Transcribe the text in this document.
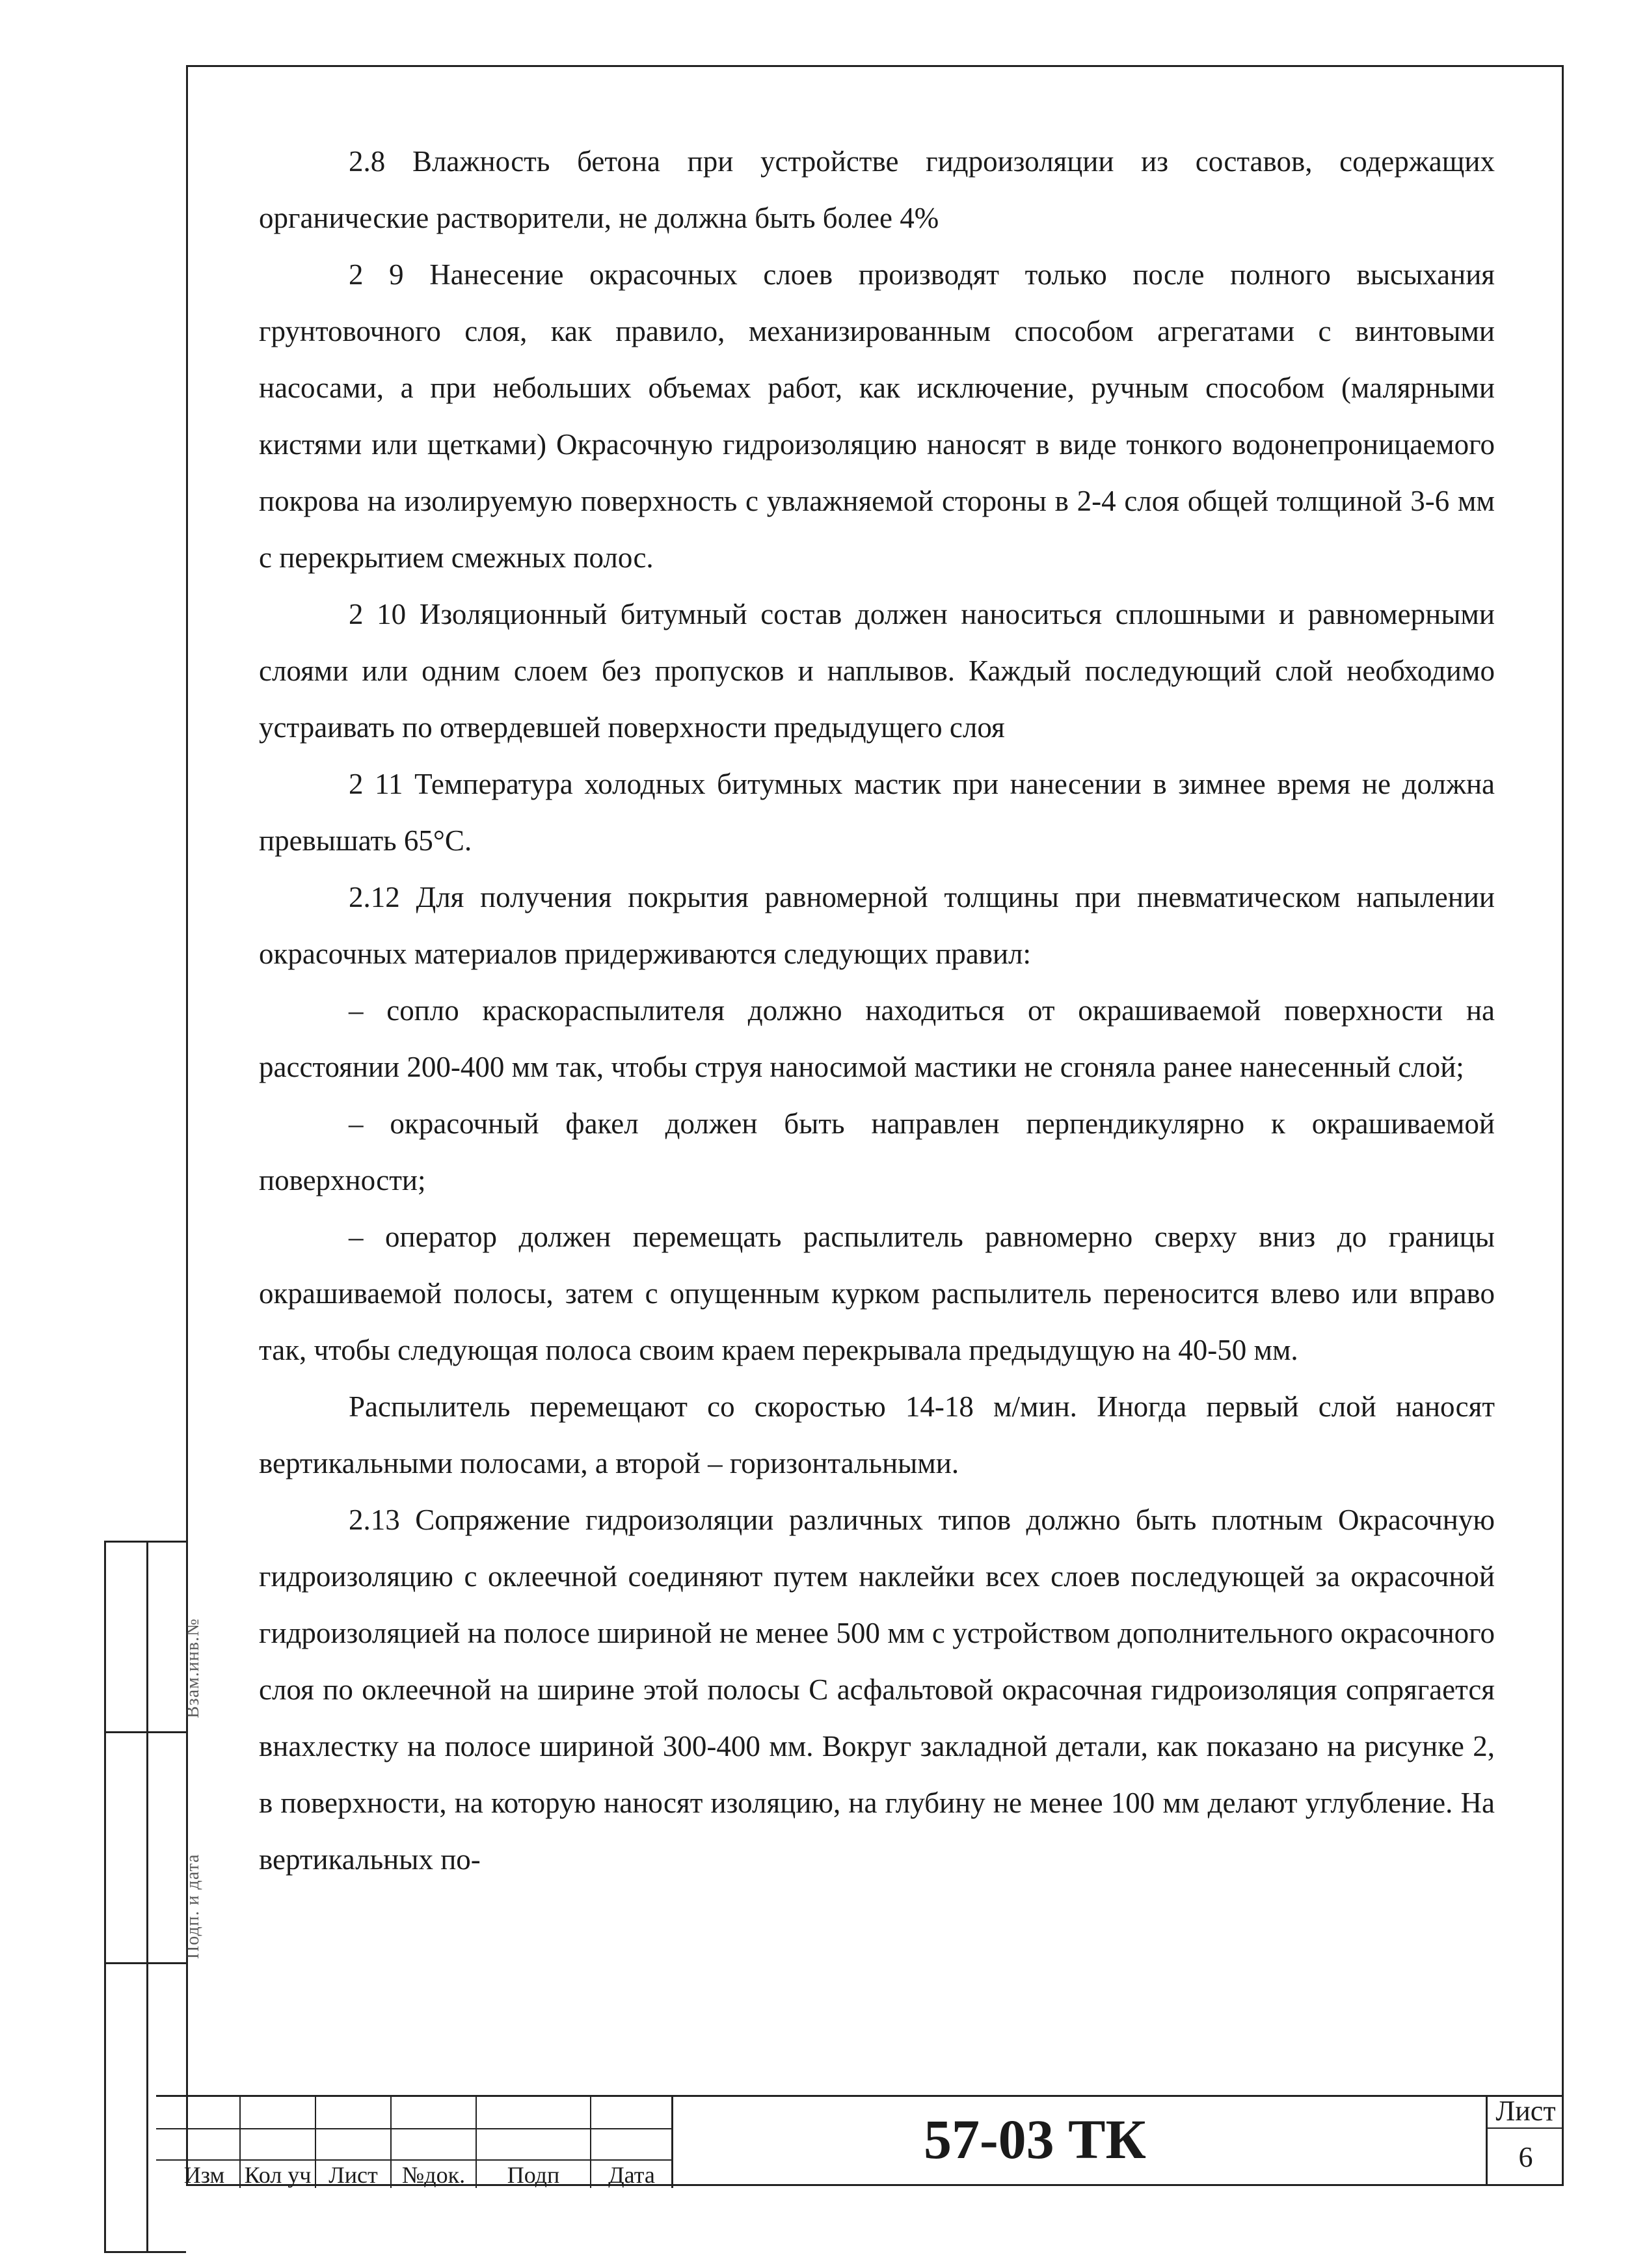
2.8 Влажность бетона при устройстве гидроизоляции из составов, содержащих органические растворители, не должна быть более 4%

2 9 Нанесение окрасочных слоев производят только после полного высыхания грунтовочного слоя, как правило, механизированным способом агрегатами с винтовыми насосами, а при небольших объемах работ, как исключение, ручным способом (малярными кистями или щетками) Окрасочную гидроизоляцию наносят в виде тонкого водонепроницаемого покрова на изолируемую поверхность с увлажняемой стороны в 2-4 слоя общей толщиной 3-6 мм с перекрытием смежных полос.

2 10 Изоляционный битумный состав должен наноситься сплошными и равномерными слоями или одним слоем без пропусков и наплывов. Каждый последующий слой необходимо устраивать по отвердевшей поверхности предыдущего слоя

2 11 Температура холодных битумных мастик при нанесении в зимнее время не должна превышать 65°С.

2.12 Для получения покрытия равномерной толщины при пневматическом напылении окрасочных материалов придерживаются следующих правил:

– сопло краскораспылителя должно находиться от окрашиваемой поверхности на расстоянии 200-400 мм так, чтобы струя наносимой мастики не сгоняла ранее нанесенный слой;

– окрасочный факел должен быть направлен перпендикулярно к окрашиваемой поверхности;

– оператор должен перемещать распылитель равномерно сверху вниз до границы окрашиваемой полосы, затем с опущенным курком распылитель переносится влево или вправо так, чтобы следующая полоса своим краем перекрывала предыдущую на 40-50 мм.

Распылитель перемещают со скоростью 14-18 м/мин. Иногда первый слой наносят вертикальными полосами, а второй – горизонтальными.

2.13 Сопряжение гидроизоляции различных типов должно быть плотным Окрасочную гидроизоляцию с оклеечной соединяют путем наклейки всех слоев последующей за окрасочной гидроизоляцией на полосе шириной не менее 500 мм с устройством дополнительного окрасочного слоя по оклеечной на ширине этой полосы С асфальтовой окрасочная гидроизоляция сопрягается внахлестку на полосе шириной 300-400 мм. Вокруг закладной детали, как показано на рисунке 2, в поверхности, на которую наносят изоляцию, на глубину не менее 100 мм делают углубление. На вертикальных по-

Взам.инв.№
Подп. и дата
Изм Кол уч Лист	№док.	Подп	Дата
57-03 ТК	Лист
6
